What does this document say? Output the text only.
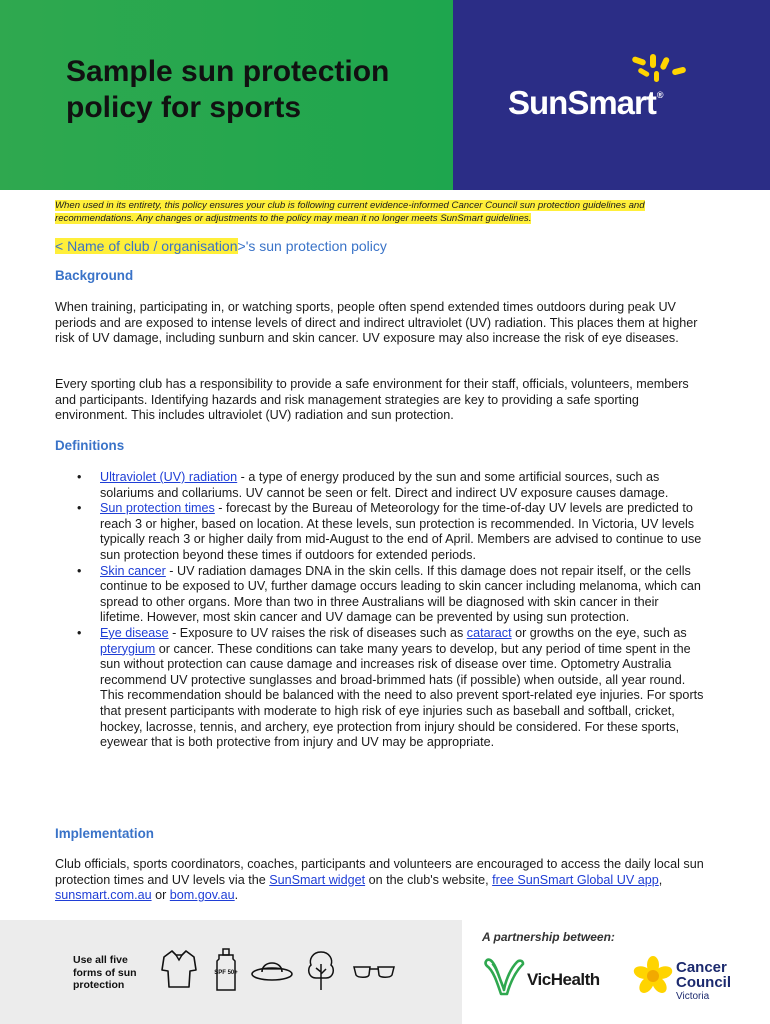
Sample sun protection policy for sports	SunSmart®

When used in its entirety, this policy ensures your club is following current evidence-informed Cancer Council sun protection guidelines and recommendations. Any changes or adjustments to the policy may mean it no longer meets SunSmart guidelines.

< Name of club / organisation>'s sun protection policy

Background

When training, participating in, or watching sports, people often spend extended times outdoors during peak UV periods and are exposed to intense levels of direct and indirect ultraviolet (UV) radiation. This places them at higher risk of UV damage, including sunburn and skin cancer. UV exposure may also increase the risk of eye diseases.

Every sporting club has a responsibility to provide a safe environment for their staff, officials, volunteers, members and participants. Identifying hazards and risk management strategies are key to providing a safe sporting environment. This includes ultraviolet (UV) radiation and sun protection.

Definitions
• Ultraviolet (UV) radiation - a type of energy produced by the sun and some artificial sources, such as solariums and collariums. UV cannot be seen or felt. Direct and indirect UV exposure causes damage.
• Sun protection times - forecast by the Bureau of Meteorology for the time-of-day UV levels are predicted to reach 3 or higher, based on location. At these levels, sun protection is recommended. In Victoria, UV levels typically reach 3 or higher daily from mid-August to the end of April. Members are advised to continue to use sun protection beyond these times if outdoors for extended periods.
• Skin cancer - UV radiation damages DNA in the skin cells. If this damage does not repair itself, or the cells continue to be exposed to UV, further damage occurs leading to skin cancer including melanoma, which can spread to other organs. More than two in three Australians will be diagnosed with skin cancer in their lifetime. However, most skin cancer and UV damage can be prevented by using sun protection.
• Eye disease - Exposure to UV raises the risk of diseases such as cataract or growths on the eye, such as pterygium or cancer. These conditions can take many years to develop, but any period of time spent in the sun without protection can cause damage and increases risk of disease over time. Optometry Australia recommend UV protective sunglasses and broad-brimmed hats (if possible) when outside, all year round. This recommendation should be balanced with the need to also prevent sport-related eye injuries. For sports that present participants with moderate to high risk of eye injuries such as baseball and softball, cricket, hockey, lacrosse, tennis, and archery, eye protection from injury should be considered. For these sports, eyewear that is both protective from injury and UV may be appropriate.
Implementation

Club officials, sports coordinators, coaches, participants and volunteers are encouraged to access the daily local sun protection times and UV levels via the SunSmart widget on the club's website, free SunSmart Global UV app, sunsmart.com.au or bom.gov.au.

Use all five forms of sun protection

SPF 50+

A partnership between:

VicHealth

Cancer Council

Victoria
